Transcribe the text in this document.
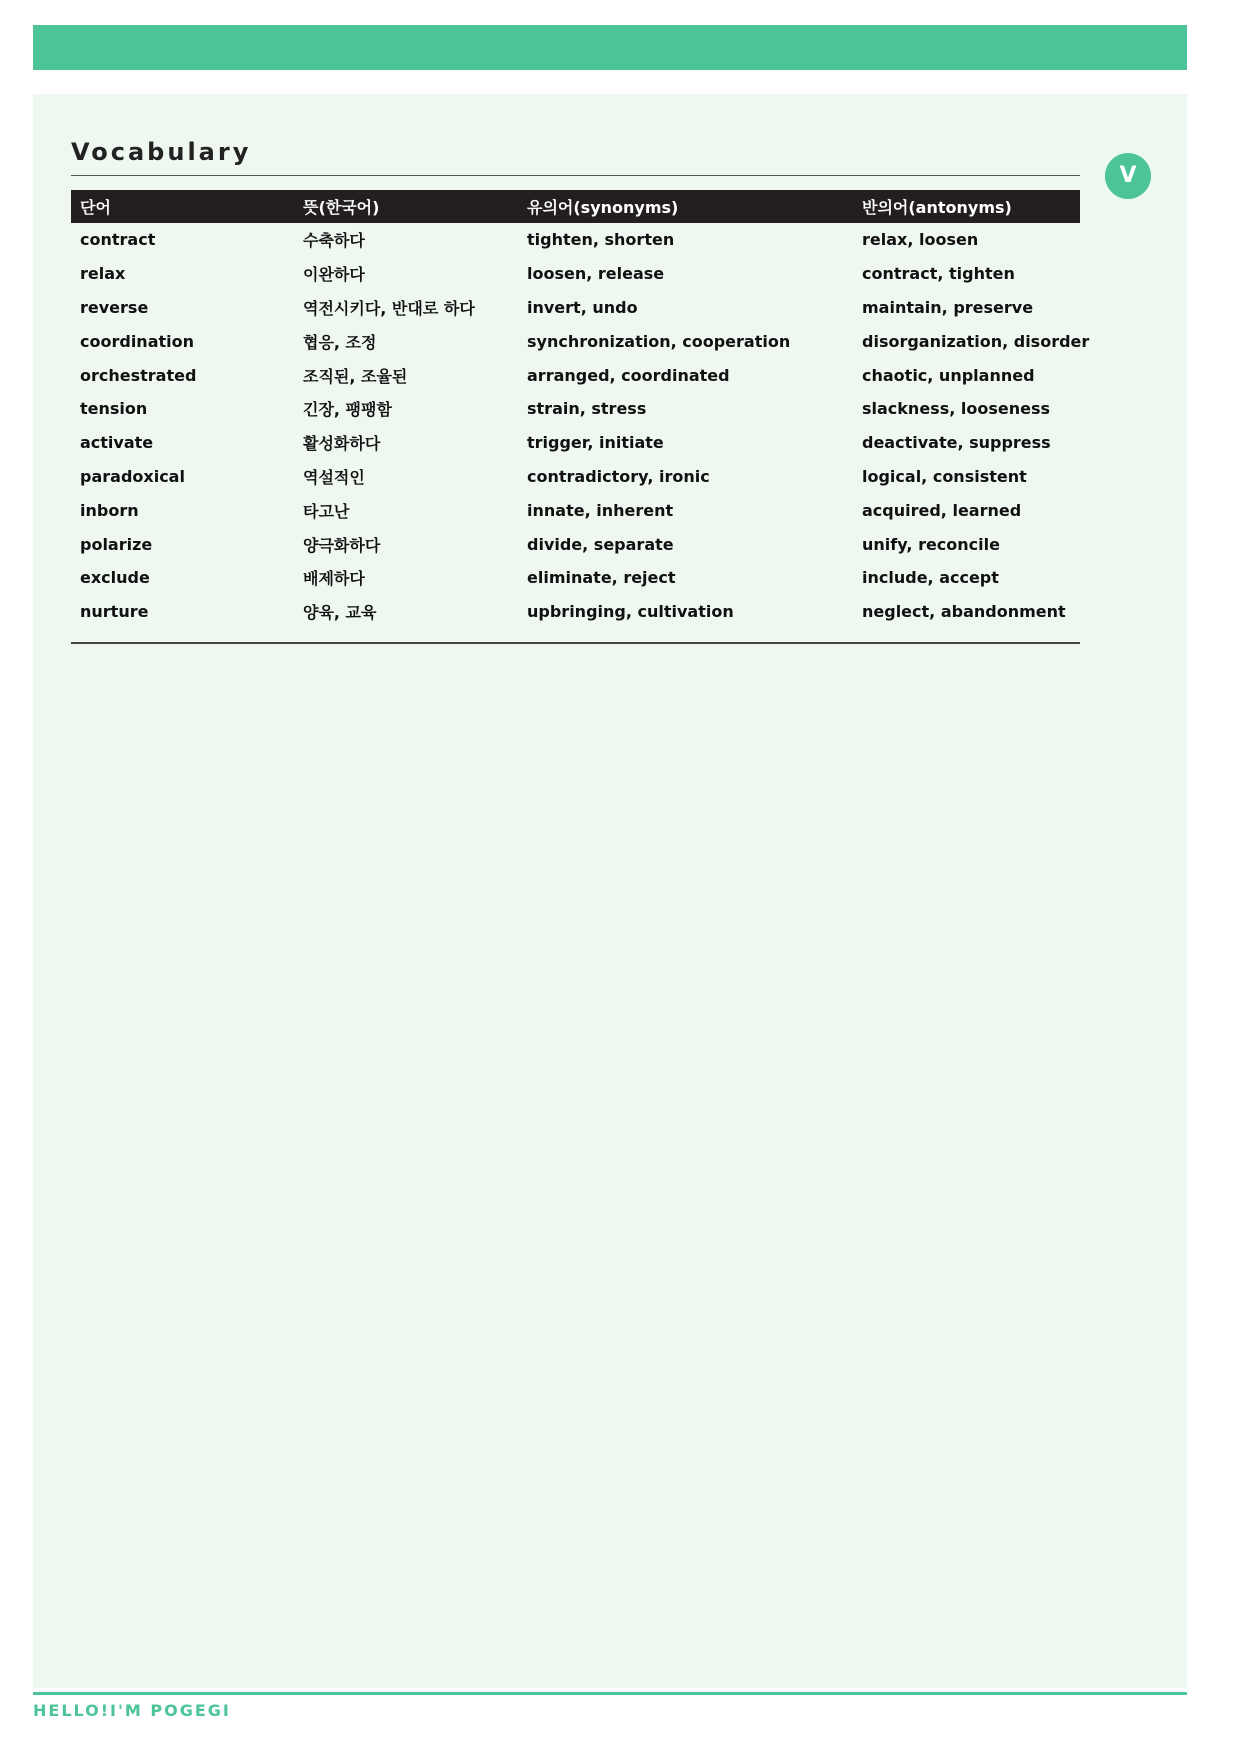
Vocabulary
V
단어	뜻(한국어)	유의어(synonyms)	반의어(antonyms)
contract	수축하다	tighten, shorten	relax, loosen
relax	이완하다	loosen, release	contract, tighten
reverse	역전시키다, 반대로 하다	invert, undo	maintain, preserve
coordination	협응, 조정	synchronization, cooperation	disorganization, disorder
orchestrated	조직된, 조율된	arranged, coordinated	chaotic, unplanned
tension	긴장, 팽팽함	strain, stress	slackness, looseness
activate	활성화하다	trigger, initiate	deactivate, suppress
paradoxical	역설적인	contradictory, ironic	logical, consistent
inborn	타고난	innate, inherent	acquired, learned
polarize	양극화하다	divide, separate	unify, reconcile
exclude	배제하다	eliminate, reject	include, accept
nurture	양육, 교육	upbringing, cultivation	neglect, abandonment
HELLO!I'M POGEGI
